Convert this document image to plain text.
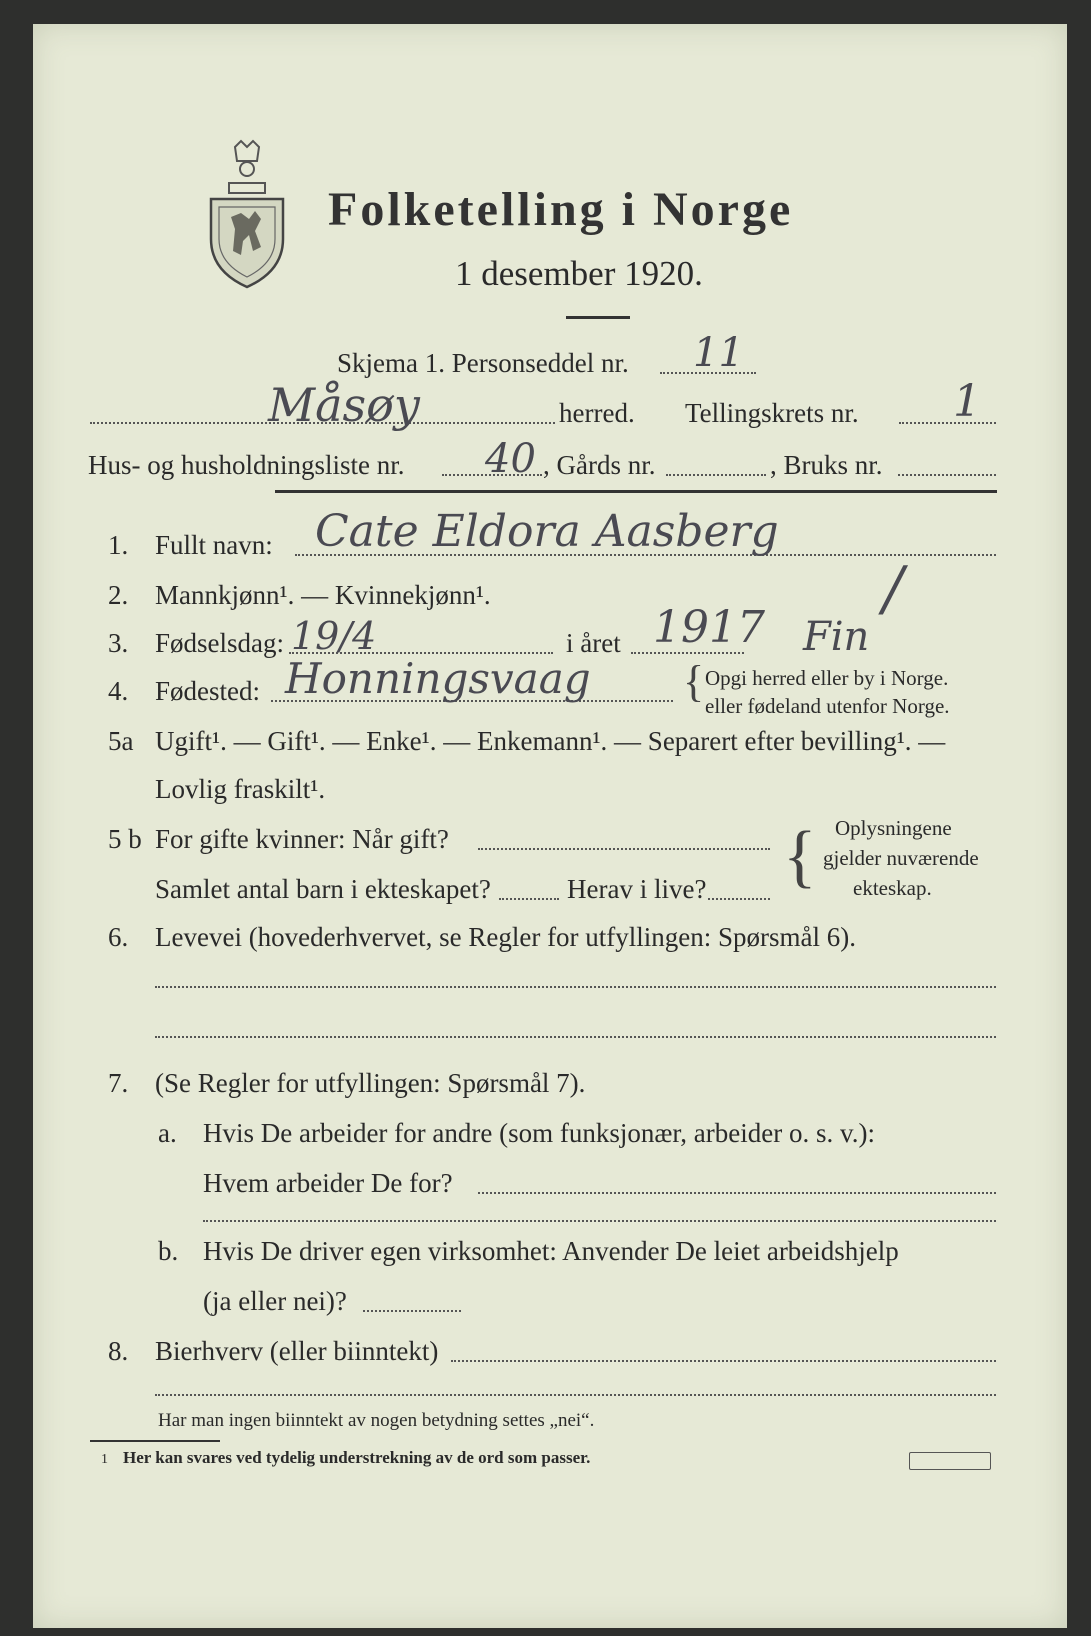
Folketelling i Norge
1 desember 1920.
Skjema 1. Personseddel nr. 11
Måsøy	herred. Tellingskrets nr. 1
Hus- og husholdningsliste nr. 40 , Gårds nr.	, Bruks nr.
1. Fullt navn: Cate Eldora Aasberg
2. Mannkjønn¹. — Kvinnekjønn¹.	/
3. Fødselsdag: 19/4	i året 1917 Fin
4. Fødested: Honningsvaag { Opgi herred eller by i Norge.
eller fødeland utenfor Norge.
5a Ugift¹. — Gift¹. — Enke¹. — Enkemann¹. — Separert efter bevilling¹. —
Lovlig fraskilt¹.
5 b For gifte kvinner: Når gift?
Samlet antal barn i ekteskapet?	Herav i live? { Oplysningene
gjelder nuværende
ekteskap.
6. Levevei (hovederhvervet, se Regler for utfyllingen: Spørsmål 6).
7. (Se Regler for utfyllingen: Spørsmål 7).
a. Hvis De arbeider for andre (som funksjonær, arbeider o. s. v.):
Hvem arbeider De for?
b. Hvis De driver egen virksomhet: Anvender De leiet arbeidshjelp
(ja eller nei)?
8. Bierhverv (eller biinntekt)
Har man ingen biinntekt av nogen betydning settes „nei“.
1 Her kan svares ved tydelig understrekning av de ord som passer.
